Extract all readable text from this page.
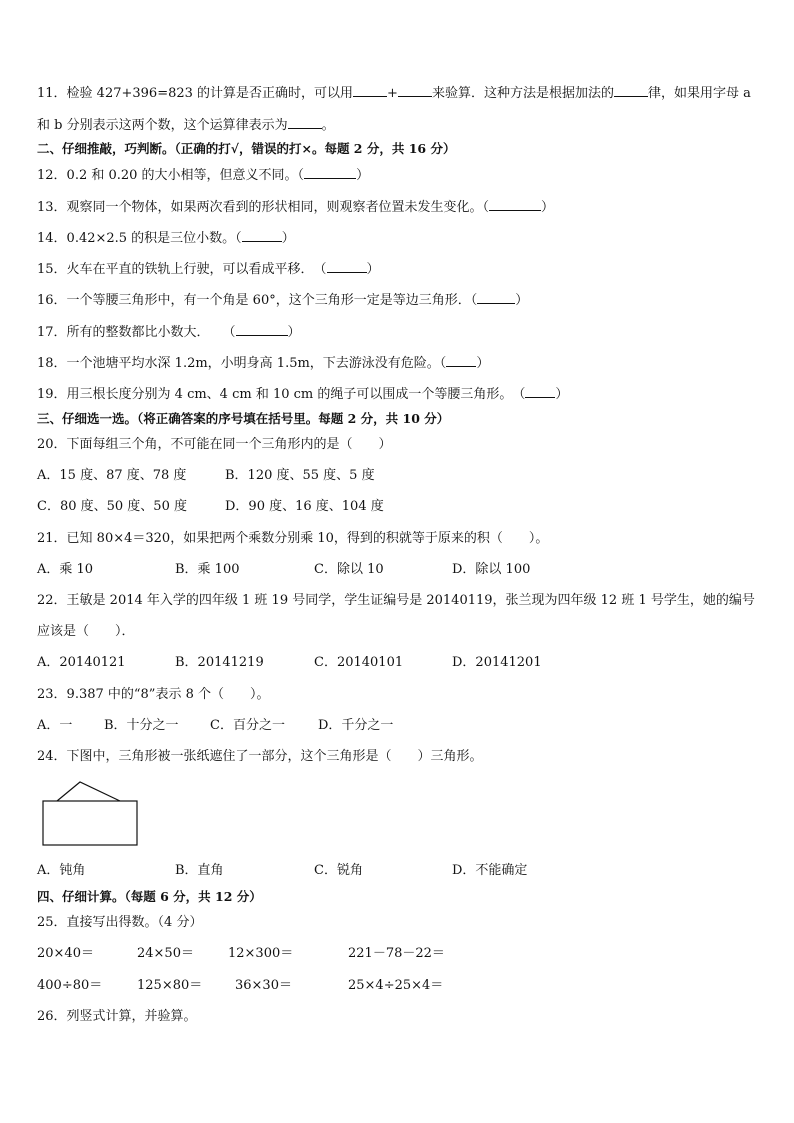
11．检验 427+396=823 的计算是否正确时，可以用	+	来验算．这种方法是根据加法的	律，如果用字母 a
和 b 分别表示这两个数，这个运算律表示为	。
二、仔细推敲，巧判断。（正确的打√，错误的打×。每题 2 分，共 16 分）
12．0.2 和 0.20 的大小相等，但意义不同。（	）
13．观察同一个物体，如果两次看到的形状相同，则观察者位置未发生变化。（	）
14．0.42×2.5 的积是三位小数。（	）
15．火车在平直的铁轨上行驶，可以看成平移．　（	）
16．一个等腰三角形中，有一个角是 60°，这个三角形一定是等边三角形．（	）
17．所有的整数都比小数大．　　（	）
18．一个池塘平均水深 1.2m，小明身高 1.5m，下去游泳没有危险。（ ）
19．用三根长度分别为 4 cm、4 cm 和 10 cm 的绳子可以围成一个等腰三角形。　（ ）
三、仔细选一选。（将正确答案的序号填在括号里。每题 2 分，共 10 分）
20．下面每组三个角，不可能在同一个三角形内的是（　　）
A．15 度、87 度、78 度	B．120 度、55 度、5 度
C．80 度、50 度、50 度	D．90 度、16 度、104 度
21．已知 80×4＝320，如果把两个乘数分别乘 10，得到的积就等于原来的积（　　）。
A．乘 10	B．乘 100	C．除以 10	D．除以 100
22．王敏是 2014 年入学的四年级 1 班 19 号同学，学生证编号是 20140119，张兰现为四年级 12 班 1 号学生，她的编号
应该是（　　）．
A．20140121	B．20141219	C．20140101	D．20141201
23．9.387 中的“8”表示 8 个（　　）。
A．一 B．十分之一 C．百分之一	D．千分之一
24．下图中，三角形被一张纸遮住了一部分，这个三角形是（　　）三角形。
A．钝角	B．直角	C．锐角	D．不能确定
四、仔细计算。（每题 6 分，共 12 分）
25．直接写出得数。（4 分）
20×40＝	24×50＝	12×300＝	221－78－22＝
400÷80＝	125×80＝	36×30＝	25×4÷25×4＝
26．列竖式计算，并验算。
